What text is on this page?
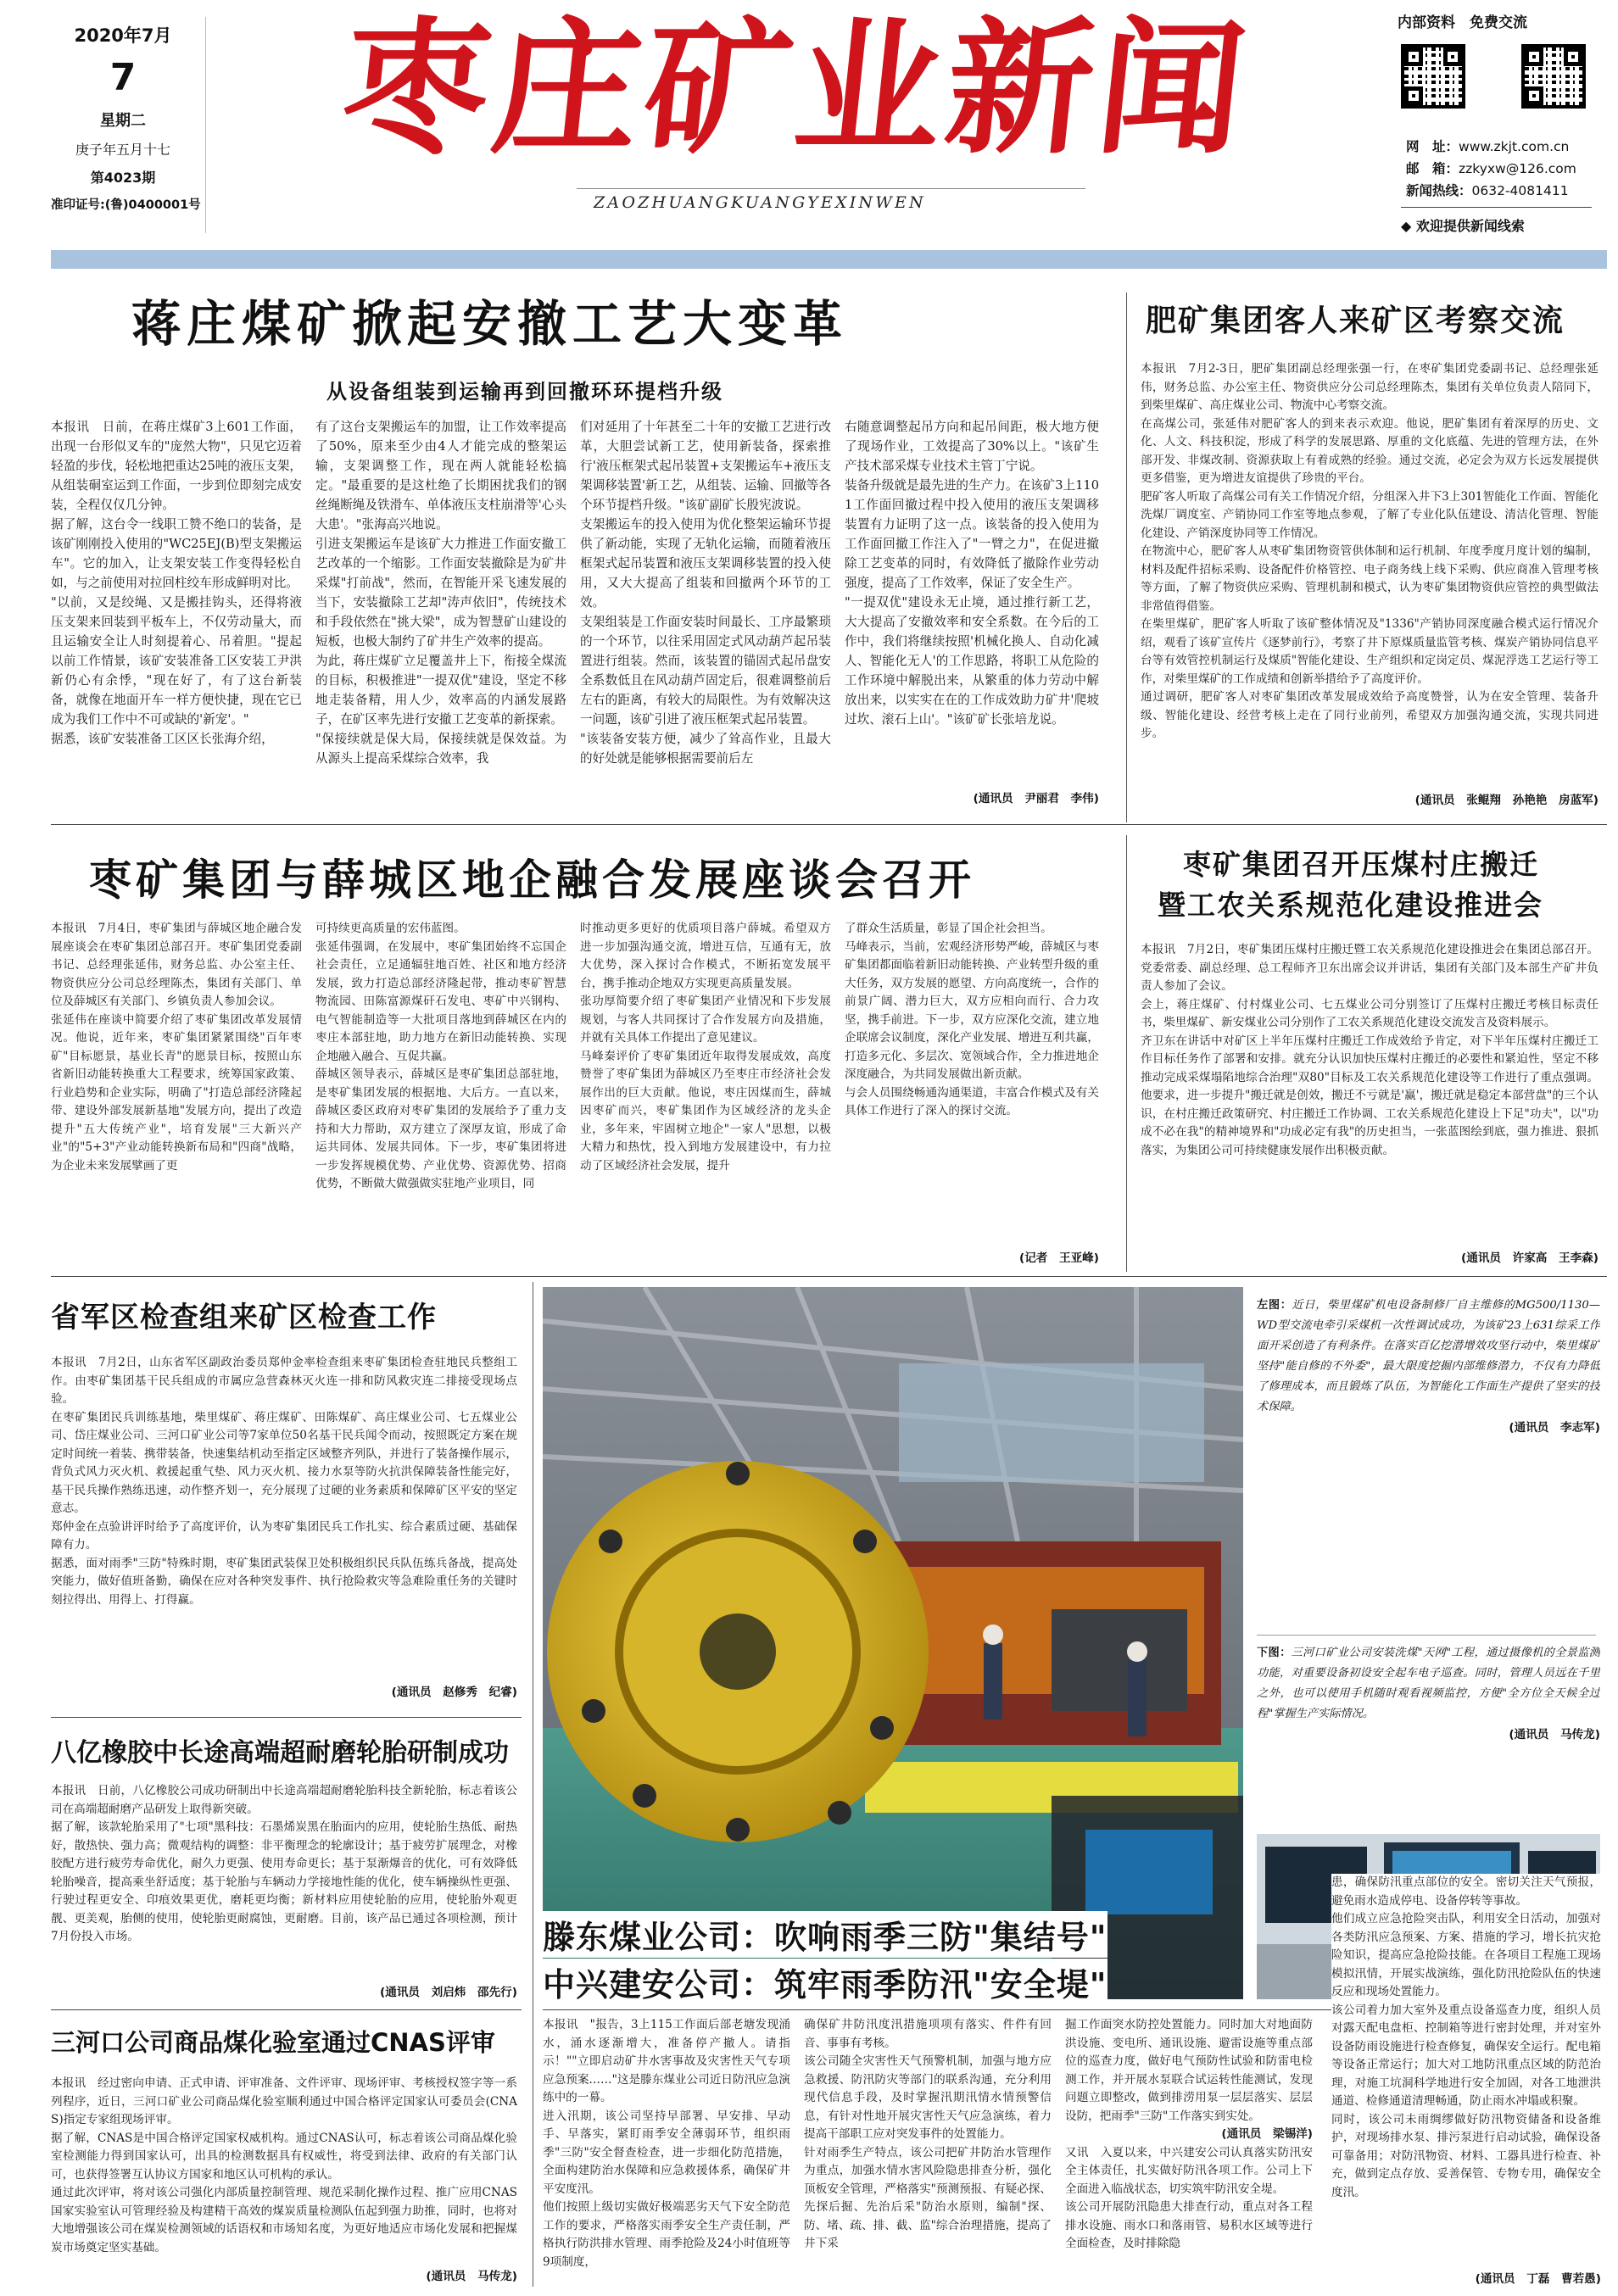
2020年7月
7
星期二
庚子年五月十七
第4023期
准印证号:(鲁)0400001号
枣庄矿业新闻
ZAOZHUANGKUANGYEXINWEN
内部资料　免费交流
网　址：www.zkjt.com.cn
邮　箱：zzkyxw@126.com
新闻热线：0632-4081411
◆ 欢迎提供新闻线索
蒋庄煤矿掀起安撤工艺大变革
从设备组装到运输再到回撤环环提档升级
本报讯　日前，在蒋庄煤矿3上601工作面，出现一台形似叉车的"庞然大物"，只见它迈着轻盈的步伐，轻松地把重达25吨的液压支架，从组装硐室运到工作面，一步到位即刻完成安装，全程仅仅几分钟。
据了解，这台令一线职工赞不绝口的装备，是该矿刚刚投入使用的"WC25EJ(B)型支架搬运车"。它的加入，让支架安装工作变得轻松自如，与之前使用对拉回柱绞车形成鲜明对比。
"以前，又是绞绳、又是搬挂钩头，还得将液压支架来回装到平板车上，不仅劳动量大，而且运输安全让人时刻提着心、吊着胆。"提起以前工作情景，该矿安装准备工区安装工尹洪新仍心有余悸，"现在好了，有了这台新装备，就像在地面开车一样方便快捷，现在它已成为我们工作中不可或缺的'新宠'。"
据悉，该矿安装准备工区区长张海介绍，
有了这台支架搬运车的加盟，让工作效率提高了50%，原来至少由4人才能完成的整架运输，支架调整工作，现在两人就能轻松搞定。"最重要的是这杜绝了长期困扰我们的钢丝绳断绳及铁滑车、单体液压支柱崩滑等'心头大患'。"张海高兴地说。
引进支架搬运车是该矿大力推进工作面安撤工艺改革的一个缩影。工作面安装撤除是为矿井采煤"打前战"，然而，在智能开采飞速发展的当下，安装撤除工艺却"涛声依旧"，传统技术和手段依然在"挑大梁"，成为智慧矿山建设的短板，也极大制约了矿井生产效率的提高。
为此，蒋庄煤矿立足覆盖井上下，衔接全煤流的目标，积极推进"一提双优"建设，坚定不移地走装备精，用人少，效率高的内涵发展路子，在矿区率先进行安撤工艺变革的新探索。
"保接续就是保大局，保接续就是保效益。为从源头上提高采煤综合效率，我
们对延用了十年甚至二十年的安撤工艺进行改革，大胆尝试新工艺，使用新装备，探索推行'液压框架式起吊装置+支架搬运车+液压支架调移装置'新工艺，从组装、运输、回撤等各个环节提档升级。"该矿副矿长殷宪波说。
支架搬运车的投入使用为优化整架运输环节提供了新动能，实现了无轨化运输，而随着液压框架式起吊装置和液压支架调移装置的投入使用，又大大提高了组装和回撤两个环节的工效。
支架组装是工作面安装时间最长、工序最繁琐的一个环节，以往采用固定式风动葫芦起吊装置进行组装。然而，该装置的锚固式起吊盘安全系数低且在风动葫芦固定后，很难调整前后左右的距离，有较大的局限性。为有效解决这一问题，该矿引进了液压框架式起吊装置。
"该装备安装方便，减少了耸高作业，且最大的好处就是能够根据需要前后左
右随意调整起吊方向和起吊间距，极大地方便了现场作业，工效提高了30%以上。"该矿生产技术部采煤专业技术主管丁宁说。
装备升级就是最先进的生产力。在该矿3上1101工作面回撤过程中投入使用的液压支架调移装置有力证明了这一点。该装备的投入使用为工作面回撤工作注入了"一臂之力"，在促进撤除工艺变革的同时，有效降低了撤除作业劳动强度，提高了工作效率，保证了安全生产。
"一提双优"建设永无止境，通过推行新工艺，大大提高了安撤效率和安全系数。在今后的工作中，我们将继续按照'机械化换人、自动化减人、智能化无人'的工作思路，将职工从危险的工作环境中解脱出来，从繁重的体力劳动中解放出来，以实实在在的工作成效助力矿井'爬坡过坎、滚石上山'。"该矿矿长张培龙说。
(通讯员　尹丽君　李伟)
肥矿集团客人来矿区考察交流
本报讯　7月2-3日，肥矿集团副总经理张强一行，在枣矿集团党委副书记、总经理张延伟，财务总监、办公室主任、物资供应分公司总经理陈杰，集团有关单位负责人陪同下，到柴里煤矿、高庄煤业公司、物流中心考察交流。
在高煤公司，张延伟对肥矿客人的到来表示欢迎。他说，肥矿集团有着深厚的历史、文化、人文、科技积淀，形成了科学的发展思路、厚重的文化底蕴、先进的管理方法，在外部开发、非煤改制、资源获取上有着成熟的经验。通过交流，必定会为双方长远发展提供更多借鉴，更为增进友谊提供了珍贵的平台。
肥矿客人听取了高煤公司有关工作情况介绍，分组深入井下3上301智能化工作面、智能化洗煤厂调度室、产销协同工作室等地点参观，了解了专业化队伍建设、清洁化管理、智能化建设、产销深度协同等工作情况。
在物流中心，肥矿客人从枣矿集团物资管供体制和运行机制、年度季度月度计划的编制，材料及配件招标采购、设备配件价格管控、电子商务线上线下采购、供应商准入管理考核等方面，了解了物资供应采购、管理机制和模式，认为枣矿集团物资供应管控的典型做法非常值得借鉴。
在柴里煤矿，肥矿客人听取了该矿整体情况及"1336"产销协同深度融合模式运行情况介绍，观看了该矿宣传片《逐梦前行》，考察了井下原煤质量监管考核、煤炭产销协同信息平台等有效管控机制运行及煤质"智能化建设、生产组织和定岗定员、煤泥浮选工艺运行等工作，对柴里煤矿的工作成绩和创新举措给予了高度评价。
通过调研，肥矿客人对枣矿集团改革发展成效给予高度赞誉，认为在安全管理、装备升级、智能化建设、经营考核上走在了同行业前列，希望双方加强沟通交流，实现共同进步。
(通讯员　张鲲翔　孙艳艳　房蓝军)
枣矿集团与薛城区地企融合发展座谈会召开
本报讯　7月4日，枣矿集团与薛城区地企融合发展座谈会在枣矿集团总部召开。枣矿集团党委副书记、总经理张延伟，财务总监、办公室主任、物资供应分公司总经理陈杰，集团有关部门、单位及薛城区有关部门、乡镇负责人参加会议。
张延伟在座谈中简要介绍了枣矿集团改革发展情况。他说，近年来，枣矿集团紧紧围绕"百年枣矿"目标愿景，基业长青"的愿景目标，按照山东省新旧动能转换重大工程要求，统筹国家政策、行业趋势和企业实际，明确了"打造总部经济隆起带、建设外部发展新基地"发展方向，提出了改造提升"五大传统产业"，培育发展"三大新兴产业"的"5+3"产业动能转换新布局和"四商"战略，为企业未来发展擘画了更
可持续更高质量的宏伟蓝图。
张延伟强调，在发展中，枣矿集团始终不忘国企社会责任，立足通辐驻地百姓、社区和地方经济发展，致力打造总部经济隆起带，推动枣矿智慧物流园、田陈富源煤矸石发电、枣矿中兴钢构、电气智能制造等一大批项目落地到薛城区在内的枣庄本部驻地，助力地方在新旧动能转换、实现企地融入融合、互促共赢。
薛城区领导表示，薛城区是枣矿集团总部驻地，是枣矿集团发展的根据地、大后方。一直以来，薛城区委区政府对枣矿集团的发展给予了重力支持和大力帮助，双方建立了深厚友谊，形成了命运共同体、发展共同体。下一步，枣矿集团将进一步发挥规模优势、产业优势、资源优势、招商优势，不断做大做强做实驻地产业项目，同
时推动更多更好的优质项目落户薛城。希望双方进一步加强沟通交流，增进互信，互通有无，放大优势，深入探讨合作模式，不断拓宽发展平台，携手推动企地双方实现更高质量发展。
张功厚简要介绍了枣矿集团产业情况和下步发展规划，与客人共同探讨了合作发展方向及措施，并就有关具体工作提出了意见建议。
马峰秦评价了枣矿集团近年取得发展成效，高度赞誉了枣矿集团为薛城区乃至枣庄市经济社会发展作出的巨大贡献。他说，枣庄因煤而生，薛城因枣矿而兴，枣矿集团作为区域经济的龙头企业，多年来，牢固树立地企"一家人"思想，以极大精力和热忱，投入到地方发展建设中，有力拉动了区域经济社会发展，提升
了群众生活质量，彰显了国企社会担当。
马峰表示，当前，宏观经济形势严峻，薛城区与枣矿集团都面临着新旧动能转换、产业转型升级的重大任务，双方发展的愿望、方向高度统一，合作的前景广阔、潜力巨大，双方应相向而行、合力攻坚，携手前进。下一步，双方应深化交流，建立地企联席会议制度，深化产业发展、增进互利共赢，打造多元化、多层次、宽领域合作，全力推进地企深度融合，为共同发展做出新贡献。
与会人员围绕畅通沟通渠道，丰富合作模式及有关具体工作进行了深入的探讨交流。
(记者　王亚峰)
枣矿集团召开压煤村庄搬迁
暨工农关系规范化建设推进会
本报讯　7月2日，枣矿集团压煤村庄搬迁暨工农关系规范化建设推进会在集团总部召开。党委常委、副总经理、总工程师齐卫东出席会议并讲话，集团有关部门及本部生产矿井负责人参加了会议。
会上，蒋庄煤矿、付村煤业公司、七五煤业公司分别签订了压煤村庄搬迁考核目标责任书，柴里煤矿、新安煤业公司分别作了工农关系规范化建设交流发言及资料展示。
齐卫东在讲话中对矿区上半年压煤村庄搬迁工作成效给予肯定，对下半年压煤村庄搬迁工作目标任务作了部署和安排。就充分认识加快压煤村庄搬迁的必要性和紧迫性，坚定不移推动完成采煤塌陷地综合治理"双80"目标及工农关系规范化建设等工作进行了重点强调。他要求，进一步提升"搬迁就是创效，搬迁不亏就是'赢'，搬迁就是稳定本部营盘"的三个认识，在村庄搬迁政策研究、村庄搬迁工作协调、工农关系规范化建设上下足"功夫"，以"功成不必在我"的精神境界和"功成必定有我"的历史担当，一张蓝图绘到底，强力推进、狠抓落实，为集团公司可持续健康发展作出积极贡献。
(通讯员　许家高　王李森)
省军区检查组来矿区检查工作
本报讯　7月2日，山东省军区副政治委员郑仲金率检查组来枣矿集团检查驻地民兵整组工作。由枣矿集团基干民兵组成的市属应急营森林灭火连一排和防风救灾连二排接受现场点验。
在枣矿集团民兵训练基地，柴里煤矿、蒋庄煤矿、田陈煤矿、高庄煤业公司、七五煤业公司、岱庄煤业公司、三河口矿业公司等7家单位50名基干民兵闻令而动，按照既定方案在规定时间统一着装、携带装备，快速集结机动至指定区域整齐列队，并进行了装备操作展示，背负式风力灭火机、救援起重气垫、风力灭火机、接力水泵等防火抗洪保障装备性能完好，基干民兵操作熟练迅速，动作整齐划一，充分展现了过硬的业务素质和保障矿区平安的坚定意志。
郑仲金在点验讲评时给予了高度评价，认为枣矿集团民兵工作扎实、综合素质过硬、基础保障有力。
据悉，面对雨季"三防"特殊时期，枣矿集团武装保卫处积极组织民兵队伍练兵备战，提高处突能力，做好值班备勤，确保在应对各种突发事件、执行抢险救灾等急难险重任务的关键时刻拉得出、用得上、打得赢。
(通讯员　赵修秀　纪睿)
八亿橡胶中长途高端超耐磨轮胎研制成功
本报讯　日前，八亿橡胶公司成功研制出中长途高端超耐磨轮胎科技全新轮胎，标志着该公司在高端超耐磨产品研发上取得新突破。
据了解，该款轮胎采用了"七项"黑科技：石墨烯炭黑在胎面内的应用，使轮胎生热低、耐热好，散热快、强力高；微观结构的调整：非平衡理念的轮廓设计；基于疲劳扩展理念，对橡胶配方进行疲劳寿命优化，耐久力更强、使用寿命更长；基于泵渐爆音的优化，可有效降低轮胎噪音，提高乘坐舒适度；基于轮胎与车辆动力学接地性能的优化，使车辆操纵性更强、行驶过程更安全、印痕效果更优，磨耗更均衡；新材料应用使轮胎的应用，使轮胎外观更靓、更美观，胎侧的使用，使轮胎更耐腐蚀，更耐磨。目前，该产品已通过各项检测，预计7月份投入市场。
(通讯员　刘启炜　邵先行)
三河口公司商品煤化验室通过CNAS评审
本报讯　经过密向申请、正式申请、评审准备、文件评审、现场评审、考核授权签字等一系列程序，近日，三河口矿业公司商品煤化验室顺利通过中国合格评定国家认可委员会(CNAS)指定专家组现场评审。
据了解，CNAS是中国合格评定国家权威机构。通过CNAS认可，标志着该公司商品煤化验室检测能力得到国家认可，出具的检测数据具有权威性，将受到法律、政府的有关部门认可，也获得签署互认协议方国家和地区认可机构的承认。
通过此次评审，将对该公司强化内部质量控制管理、规范采制化操作过程、推广应用CNAS国家实验室认可管理经验及构建精干高效的煤炭质量检测队伍起到强力助推，同时，也将对大地增强该公司在煤炭检测领域的话语权和市场知名度，为更好地适应市场化发展和把握煤炭市场奠定坚实基础。
(通讯员　马传龙)
左图：近日，柴里煤矿机电设备制修厂自主维修的MG500/1130—WD型交流电牵引采煤机一次性调试成功，为该矿23上631综采工作面开采创造了有利条件。在落实百亿挖潜增效攻坚行动中，柴里煤矿坚持"能自修的不外委"，最大限度挖掘内部维修潜力，不仅有力降低了修理成本，而且锻炼了队伍，为智能化工作面生产提供了坚实的技术保障。
(通讯员　李志军)
下图：三河口矿业公司安装洗煤"天网"工程，通过摄像机的全景监测功能，对重要设备初设安全起车电子巡查。同时，管理人员远在千里之外，也可以使用手机随时观看视频监控，方便"全方位全天候全过程"掌握生产实际情况。
(通讯员　马传龙)
滕东煤业公司：吹响雨季三防"集结号"
中兴建安公司：筑牢雨季防汛"安全堤"
本报讯　"报告，3上115工作面后部老塘发现涌水，涌水逐渐增大，准备停产撤人。请指示！""立即启动矿井水害事故及灾害性天气专项应急预案……"这是滕东煤业公司近日防汛应急演练中的一幕。
进入汛期，该公司坚持早部署、早安排、早动手、早落实，紧盯雨季安全薄弱环节，组织雨季"三防"安全督查检查，进一步细化防范措施，全面构建防治水保障和应急救援体系，确保矿井平安度汛。
他们按照上级切实做好极端恶劣天气下安全防范工作的要求，严格落实雨季安全生产责任制，严格执行防洪排水管理、雨季抢险及24小时值班等9项制度，
确保矿井防汛度汛措施项项有落实、件件有回音、事事有考核。
该公司随全灾害性天气预警机制，加强与地方应急救援、防汛防灾等部门的联系沟通，充分利用现代信息手段，及时掌握汛期汛情水情预警信息，有针对性地开展灾害性天气应急演练，着力提高干部职工应对突发事件的处置能力。
针对雨季生产特点，该公司把矿井防治水管理作为重点，加强水情水害风险隐患排查分析，强化顶板安全管理，严格落实"预测预报、有疑必探、先探后掘、先治后采"防治水原则，编制"探、防、堵、疏、排、截、监"综合治理措施，提高了井下采
掘工作面突水防控处置能力。同时加大对地面防洪设施、变电所、通讯设施、避雷设施等重点部位的巡查力度，做好电气预防性试验和防雷电检测工作，并开展水泵联合试运转性能测试，发现问题立即整改，做到排涝用泵一层层落实、层层设防，把雨季"三防"工作落实到实处。
(通讯员　梁锡洋)
又讯　入夏以来，中兴建安公司认真落实防汛安全主体责任，扎实做好防汛各项工作。公司上下全面进入临战状态，切实筑牢防汛安全堤。
该公司开展防汛隐患大排查行动，重点对各工程排水设施、雨水口和落雨管、易积水区域等进行全面检查，及时排除隐
患，确保防汛重点部位的安全。密切关注天气预报，避免雨水造成停电、设备停转等事故。
他们成立应急抢险突击队，利用安全日活动，加强对各类防汛应急预案、方案、措施的学习，增长抗灾抢险知识，提高应急抢险技能。在各项目工程施工现场模拟汛情，开展实战演练，强化防汛抢险队伍的快速反应和现场处置能力。
该公司着力加大室外及重点设备巡查力度，组织人员对露天配电盘柜、控制箱等进行密封处理，并对室外设备防雨设施进行检查修复，确保安全运行。配电箱等设备正常运行；加大对工地防汛重点区域的防范治理，对施工坑洞科学地进行安全加固，对各工地泄洪通道、检修通道清理畅通，防止雨水冲塌或积聚。
同时，该公司未雨绸缪做好防汛物资储备和设备维护，对现场排水泵、排污泵进行启动试验，确保设备可靠备用；对防汛物资、材料、工器具进行检查、补充，做到定点存放、妥善保管、专物专用，确保安全度汛。
(通讯员　丁磊　曹若愚)
